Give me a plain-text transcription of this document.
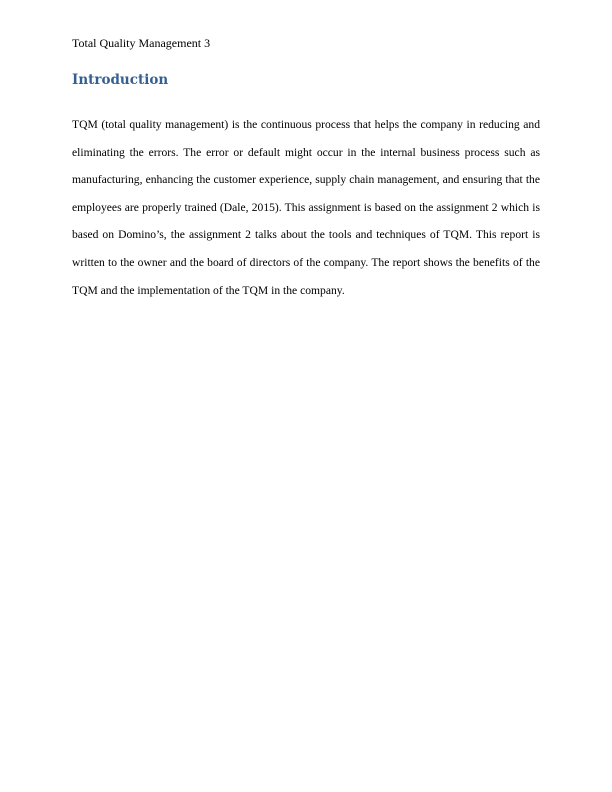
Total Quality Management 3
Introduction

TQM (total quality management) is the continuous process that helps the company in reducing and eliminating the errors. The error or default might occur in the internal business process such as manufacturing, enhancing the customer experience, supply chain management, and ensuring that the employees are properly trained (Dale, 2015). This assignment is based on the assignment 2 which is based on Domino’s, the assignment 2 talks about the tools and techniques of TQM. This report is written to the owner and the board of directors of the company. The report shows the benefits of the TQM and the implementation of the TQM in the company.
